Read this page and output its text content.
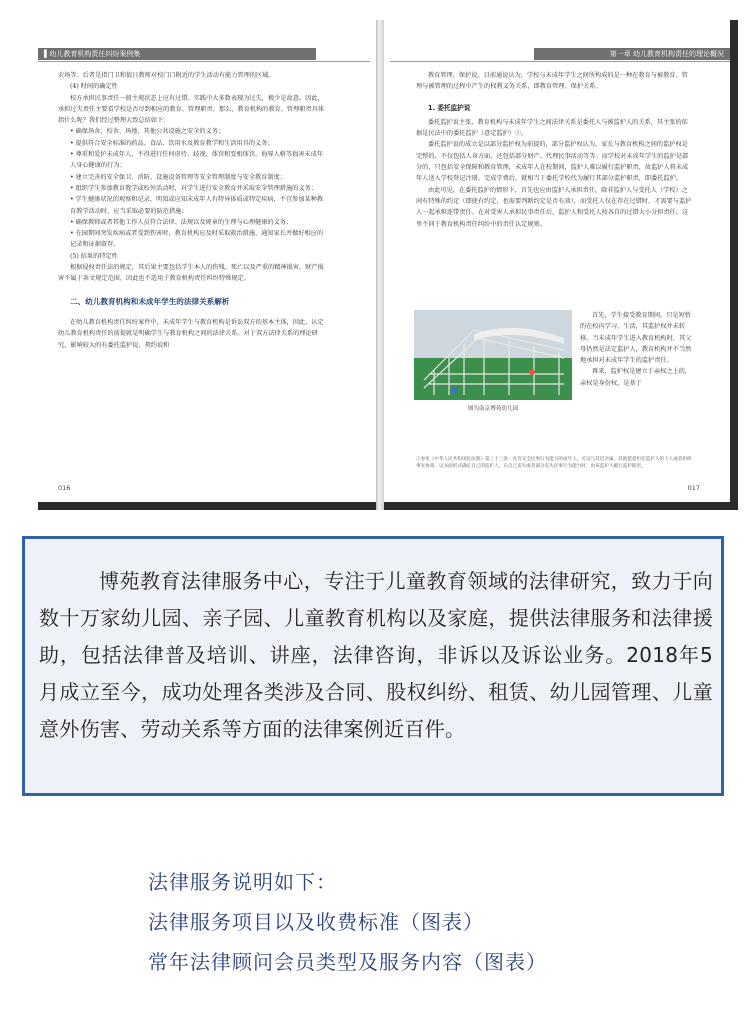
▌幼儿教育机构责任纠纷案例集

农场等；后者是指门卫和值日教师对校门口附近的学生活动有能力管理的区域。

(4) 时间的确定性

校方承担民事责任一般主观状态上应有过错。实践中大多数表现为过失，极少是故意。因此，承担过失责任主要看学校是否尽到相应的教育、管理职责。那么，教育机构的教育、管理职责具体指什么呢？我们经过整理大致总结如下：

• 确保场舍、校舍、场地、其他公共设施之安全的义务；

• 提供符合安全标准的药品、食品、饮用水及教育教学和生活用具的义务；

• 尊重和爱护未成年人，不得进行任何虐待、歧视、体罚和变相体罚，侮辱人格等损害未成年人身心健康的行为；

• 建立完善的安全保卫、消防、设施设备管理等安全管理制度与安全教育制度；

• 组织学生参加教育教学或校外活动时，对学生进行安全教育并采取安全管理措施的义务；

• 学生健康状况的观察和记录，明知或应知未成年人有特异体质或特定疾病，不宜参加某种教育教学活动时，应当采取必要的防范措施；

• 确保教师或者其他工作人员符合法律、法规以及规章的生理与心理健康的义务；

• 在园期间突发疾病或者受到伤害时，教育机构应及时采取救治措施、通知家长并做好相应的记录和证据留存。

(5) 结果的特定性

根据侵权责任法的规定，其后果主要包括学生本人的伤残、死亡以及严重的精神损害，财产损害不属于条文规定范围，因此也不适用于教育机构责任纠纷特殊规定。

二、幼儿教育机构和未成年学生的法律关系解析

在幼儿教育机构责任纠纷案件中，未成年学生与教育机构是诉讼双方的基本主体，因此，认定幼儿教育机构责任的前提就是明确学生与教育机构之间的法律关系。对于双方法律关系的理论研究，影响较大的有委托监护说、契约说和

016
第一章 幼儿教育机构责任的理论概况

教育管理、保护说。目前通说认为，学校与未成年学生之间所构成的是一种在教育与被教育、管理与被管理的过程中产生的权利义务关系，即教育管理、保护关系。

1. 委托监护说

委托监护说主张，教育机构与未成年学生之间法律关系是委托人与被监护人的关系，其主张的依据是民法中的委托监护（意定监护）①。

委托监护说的成立是以部分监护权为前提的，部分监护权认为，家长与教育机构之间的监护权是完整的，不仅包括人身方面，还包括部分财产。代理民事活动等等。而学校对未成年学生的监护是部分的，只包括安全保障和教育管理，未成年人在校期间，监护人难以履行监护职责，故监护人将未成年人送入学校登记注册，完成学费后，就相当于委托学校代为履行其部分监护职责，即委托监护。

由此可见，在委托监护的情形下，首先也应由监护人承担责任，除非监护人与受托人（学校）之间有特殊的约定（即使有约定，也需要判断约定是否有效），而受托人仅在存在过错时，才需要与监护人一起承担连带责任。在对受害人承担民事责任后，监护人和受托人按各自的过错大小分担责任，这里不同于教育机构责任纠纷中的责任认定规则。

图为南京博苑幼儿园

首先，学生接受教育期间，只是短暂的在校内学习、生活，其监护权并未转移。当未成年学生进入教育机构时，其父母仍然是法定监护人，教育机构并不当然地承担对未成年学生的监护责任。

再来，监护权是建立于亲权之上的，亲权是身份权，是基于

①参见《中华人民共和国民法典》第三十三条：具有完全民事行为能力的成年人，可以与其近亲属、其他愿意担任监护人的个人或者组织事先协商，以书面形式确定自己的监护人，在自己丧失或者部分丧失民事行为能力时，由该监护人履行监护职责。
017

博苑教育法律服务中心，专注于儿童教育领域的法律研究，致力于向数十万家幼儿园、亲子园、儿童教育机构以及家庭，提供法律服务和法律援助，包括法律普及培训、讲座，法律咨询，非诉以及诉讼业务。2018年5月成立至今，成功处理各类涉及合同、股权纠纷、租赁、幼儿园管理、儿童意外伤害、劳动关系等方面的法律案例近百件。

法律服务说明如下：
法律服务项目以及收费标准（图表）
常年法律顾问会员类型及服务内容（图表）
